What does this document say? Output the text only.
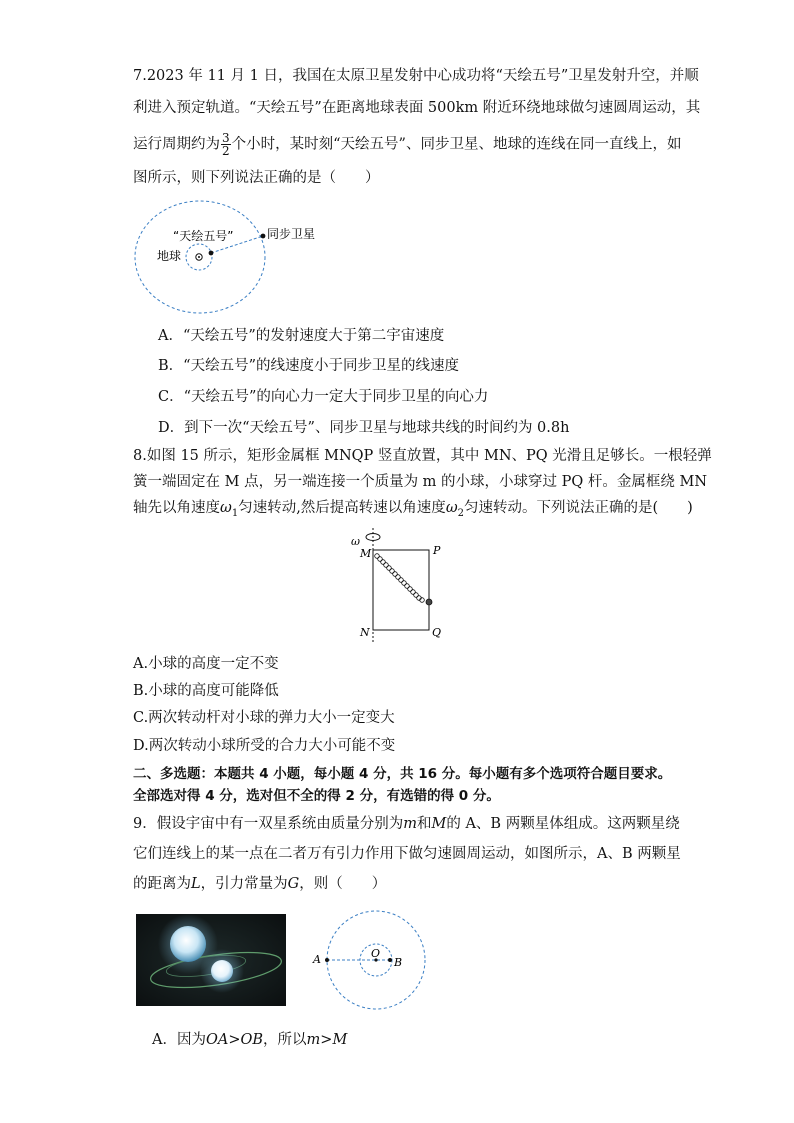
7.2023 年 11 月 1 日，我国在太原卫星发射中心成功将“天绘五号”卫星发射升空，并顺
利进入预定轨道。“天绘五号”在距离地球表面 500km 附近环绕地球做匀速圆周运动，其
运行周期约为 $\frac{3}{2}$ 个小时，某时刻“天绘五号”、同步卫星、地球的连线在同一直线上，如
图所示，则下列说法正确的是（　　）
“天绘五号”
地球
同步卫星
A．“天绘五号”的发射速度大于第二宇宙速度
B．“天绘五号”的线速度小于同步卫星的线速度
C．“天绘五号”的向心力一定大于同步卫星的向心力
D．到下一次“天绘五号”、同步卫星与地球共线的时间约为 0.8h
8.如图 15 所示，矩形金属框 MNQP 竖直放置，其中 MN、PQ 光滑且足够长。一根轻弹
簧一端固定在 M 点，另一端连接一个质量为 m 的小球，小球穿过 PQ 杆。金属框绕 MN
轴先以角速度$\omega_1$匀速转动,然后提高转速以角速度$\omega_2$匀速转动。下列说法正确的是(　　)
ω
M	P
N	Q
A.小球的高度一定不变
B.小球的高度可能降低
C.两次转动杆对小球的弹力大小一定变大
D.两次转动小球所受的合力大小可能不变
二、多选题：本题共 4 小题，每小题 4 分，共 16 分。每小题有多个选项符合题目要求。
全部选对得 4 分，选对但不全的得 2 分，有选错的得 0 分。
9．假设宇宙中有一双星系统由质量分别为m和M的 A、B 两颗星体组成。这两颗星绕
它们连线上的某一点在二者万有引力作用下做匀速圆周运动，如图所示，A、B 两颗星
的距离为L，引力常量为G，则（　　）
A	O
B
A．因为OA>OB，所以m>M
